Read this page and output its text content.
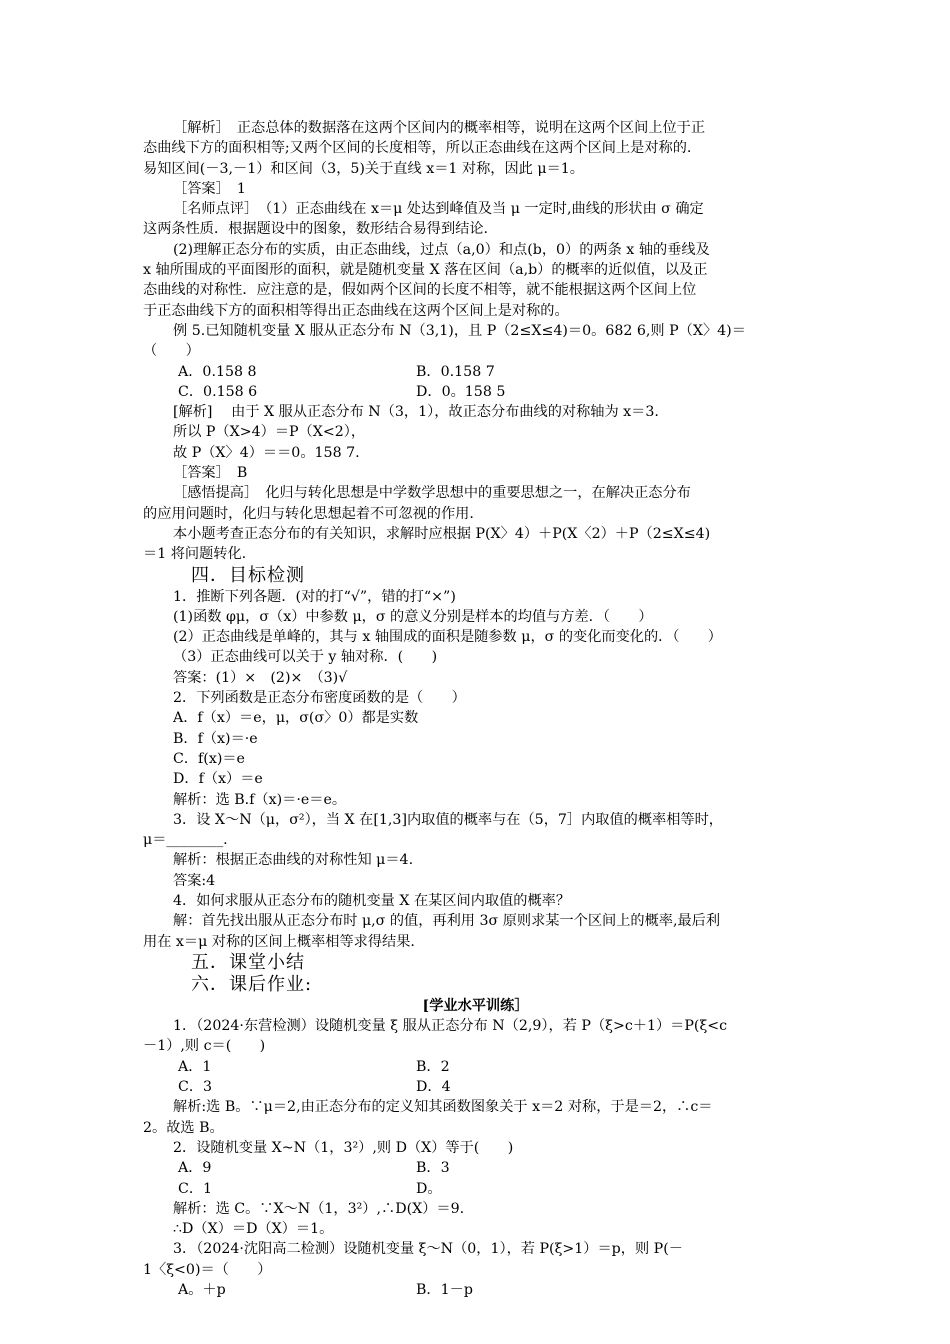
［解析］　正态总体的数据落在这两个区间内的概率相等，说明在这两个区间上位于正
态曲线下方的面积相等;又两个区间的长度相等，所以正态曲线在这两个区间上是对称的.
易知区间(－3,－1）和区间（3，5)关于直线 x＝1 对称，因此 μ＝1。
［答案］　1
［名师点评］　（1）正态曲线在 x＝μ 处达到峰值及当 μ 一定时,曲线的形状由 σ 确定
这两条性质．根据题设中的图象，数形结合易得到结论.
(2)理解正态分布的实质，由正态曲线，过点（a,0）和点(b，0）的两条 x 轴的垂线及
x 轴所围成的平面图形的面积，就是随机变量 X 落在区间（a,b）的概率的近似值，以及正
态曲线的对称性．应注意的是，假如两个区间的长度不相等，就不能根据这两个区间上位
于正态曲线下方的面积相等得出正态曲线在这两个区间上是对称的。
例 5.已知随机变量 X 服从正态分布 N（3,1)，且 P（2≤X≤4)＝0。682 6,则 P（X〉4)＝
（　　）
A．0.158 8	B．0.158 7
C．0.158 6	D．0。158 5
[解析]　 由于 X 服从正态分布 N（3，1），故正态分布曲线的对称轴为 x＝3.
所以 P（X>4）＝P（X<2），
故 P（X〉4）＝＝0。158 7.
［答案］　B
［感悟提高］　化归与转化思想是中学数学思想中的重要思想之一，在解决正态分布
的应用问题时，化归与转化思想起着不可忽视的作用.
本小题考查正态分布的有关知识，求解时应根据 P(X〉4）＋P(X〈2）＋P（2≤X≤4)
＝1 将问题转化.
四．目标检测
1．推断下列各题．(对的打“√”，错的打“×”)
(1)函数 φμ，σ（x）中参数 μ，σ 的意义分别是样本的均值与方差．（　　）
(2）正态曲线是单峰的，其与 x 轴围成的面积是随参数 μ，σ 的变化而变化的．（　　）
（3）正态曲线可以关于 y 轴对称．(　　)
答案：(1）×　(2)×　（3)√
2．下列函数是正态分布密度函数的是（　　）
A．f（x）＝e，μ，σ(σ〉0）都是实数
B．f（x)＝·e
C．f(x)＝e
D．f（x）＝e
解析：选 B.f（x)＝·e＝e。
3．设 X～N（μ，σ²），当 X 在[1,3]内取值的概率与在（5，7］内取值的概率相等时，
μ＝________.
解析：根据正态曲线的对称性知 μ＝4.
答案:4
4．如何求服从正态分布的随机变量 X 在某区间内取值的概率？
解：首先找出服从正态分布时 μ,σ 的值，再利用 3σ 原则求某一个区间上的概率,最后利
用在 x＝μ 对称的区间上概率相等求得结果.
五．课堂小结
六．课后作业:
[学业水平训练］
1．（2024·东营检测）设随机变量 ξ 服从正态分布 N（2,9），若 P（ξ>c＋1）＝P(ξ<c
－1）,则 c＝(　　)
A．1	B．2
C．3	D．4
解析:选 B。∵μ＝2,由正态分布的定义知其函数图象关于 x＝2 对称，于是＝2，∴c＝
2。故选 B。
2．设随机变量 X~N（1，3²）,则 D（X）等于(　　)
A．9	B．3
C．1	D。
解析：选 C。∵X～N（1，3²）,∴D(X）＝9.
∴D（X）＝D（X）＝1。
3．（2024·沈阳高二检测）设随机变量 ξ～N（0，1），若 P(ξ>1）＝p，则 P(－
1〈ξ<0)＝（　　）
A。＋p	B．1－p
